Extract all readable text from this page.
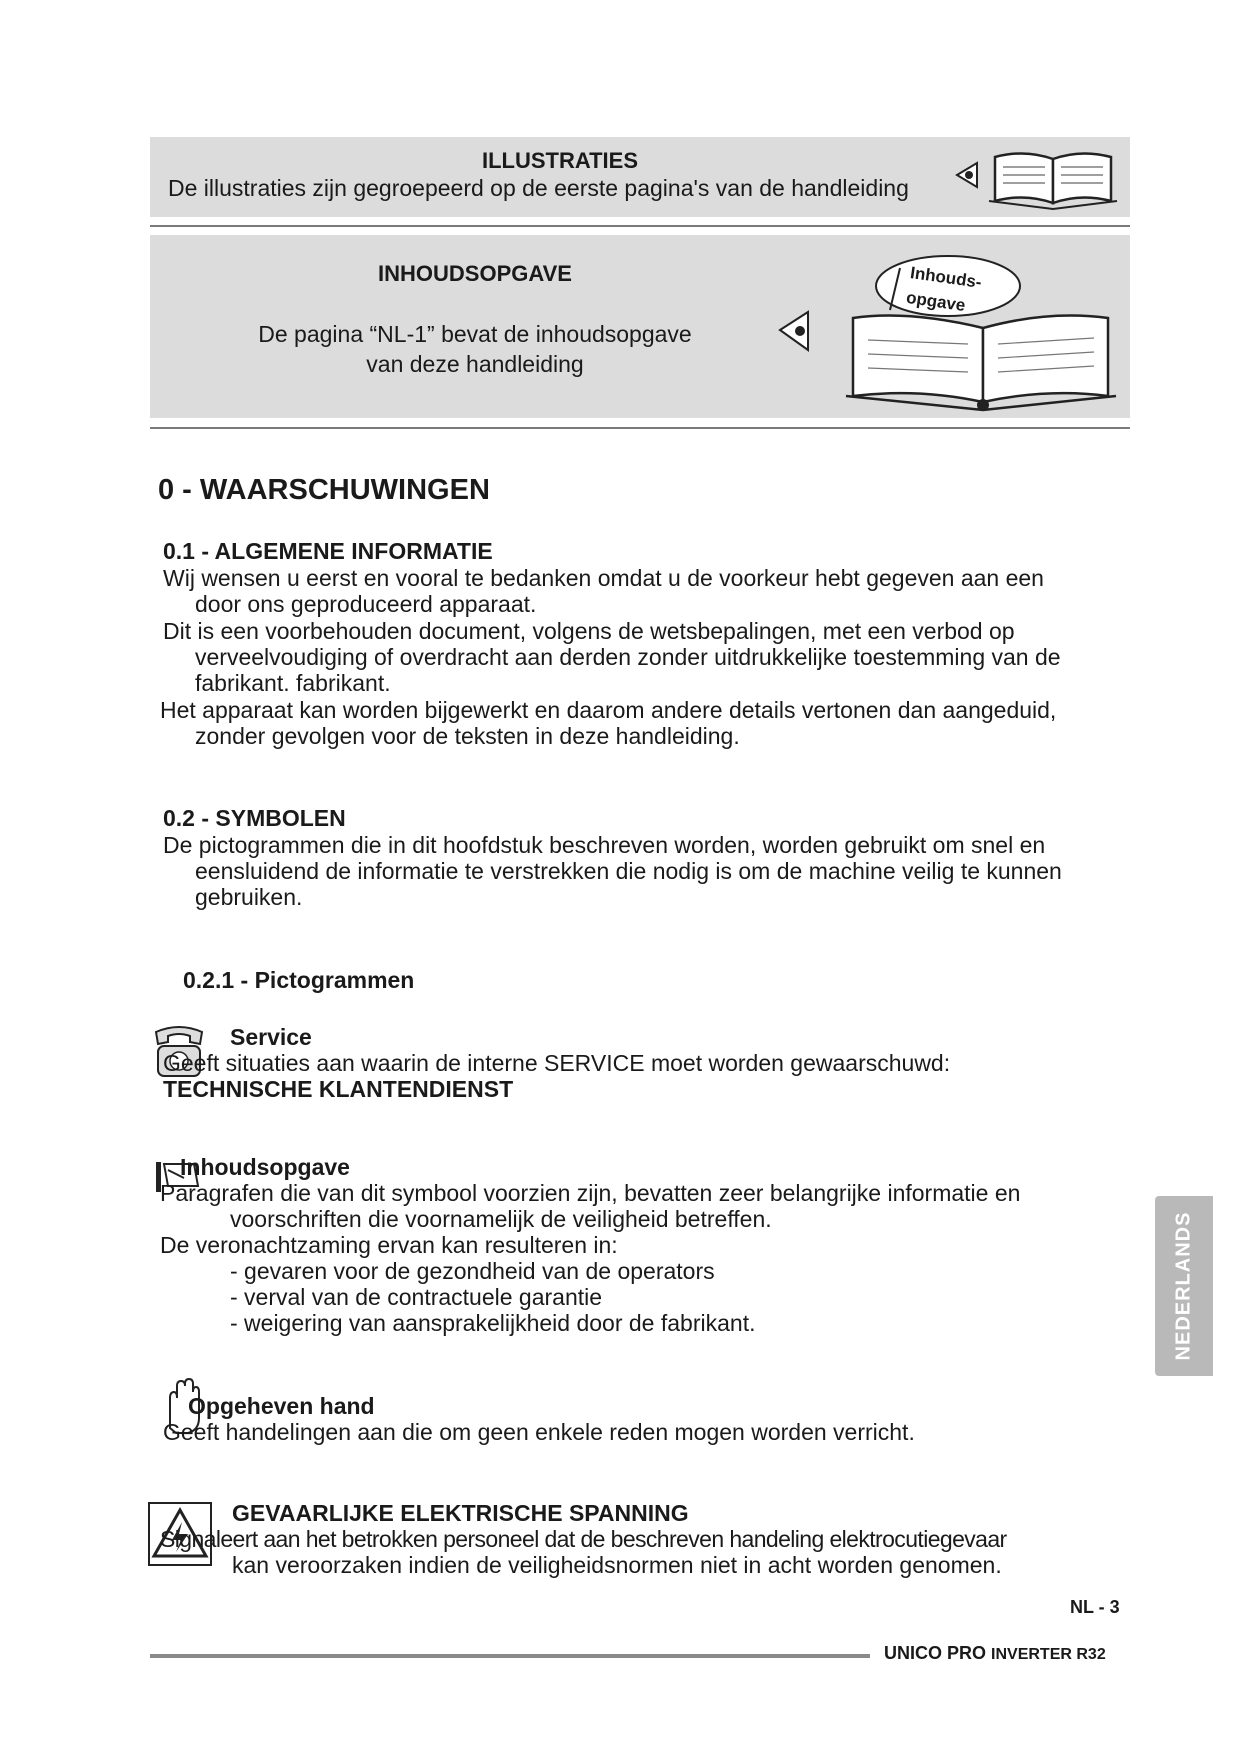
ILLUSTRATIES
De illustraties zijn gegroepeerd op de eerste pagina's van de handleiding
INHOUDSOPGAVE
De pagina “NL-1” bevat de inhoudsopgave
van deze handleiding
Inhouds-
opgave
0 - WAARSCHUWINGEN
0.1 - ALGEMENE INFORMATIE
Wij wensen u eerst en vooral te bedanken omdat u de voorkeur hebt gegeven aan een
door ons geproduceerd apparaat.
Dit is een voorbehouden document, volgens de wetsbepalingen, met een verbod op
verveelvoudiging of overdracht aan derden zonder uitdrukkelijke toestemming van de
fabrikant. fabrikant.
Het apparaat kan worden bijgewerkt en daarom andere details vertonen dan aangeduid,
zonder gevolgen voor de teksten in deze handleiding.
0.2 - SYMBOLEN
De pictogrammen die in dit hoofdstuk beschreven worden, worden gebruikt om snel en
eensluidend de informatie te verstrekken die nodig is om de machine veilig te kunnen
gebruiken.
0.2.1 - Pictogrammen
Service
Geeft situaties aan waarin de interne SERVICE moet worden gewaarschuwd:
TECHNISCHE KLANTENDIENST
Inhoudsopgave
Paragrafen die van dit symbool voorzien zijn, bevatten zeer belangrijke informatie en
voorschriften die voornamelijk de veiligheid betreffen.
De veronachtzaming ervan kan resulteren in:
- gevaren voor de gezondheid van de operators
- verval van de contractuele garantie
- weigering van aansprakelijkheid door de fabrikant.	NEDERLANDS
Opgeheven hand
Geeft handelingen aan die om geen enkele reden mogen worden verricht.
GEVAARLIJKE ELEKTRISCHE SPANNING
Signaleert aan het betrokken personeel dat de beschreven handeling elektrocutiegevaar
kan veroorzaken indien de veiligheidsnormen niet in acht worden genomen.
NL - 3
UNICO PRO INVERTER R32
